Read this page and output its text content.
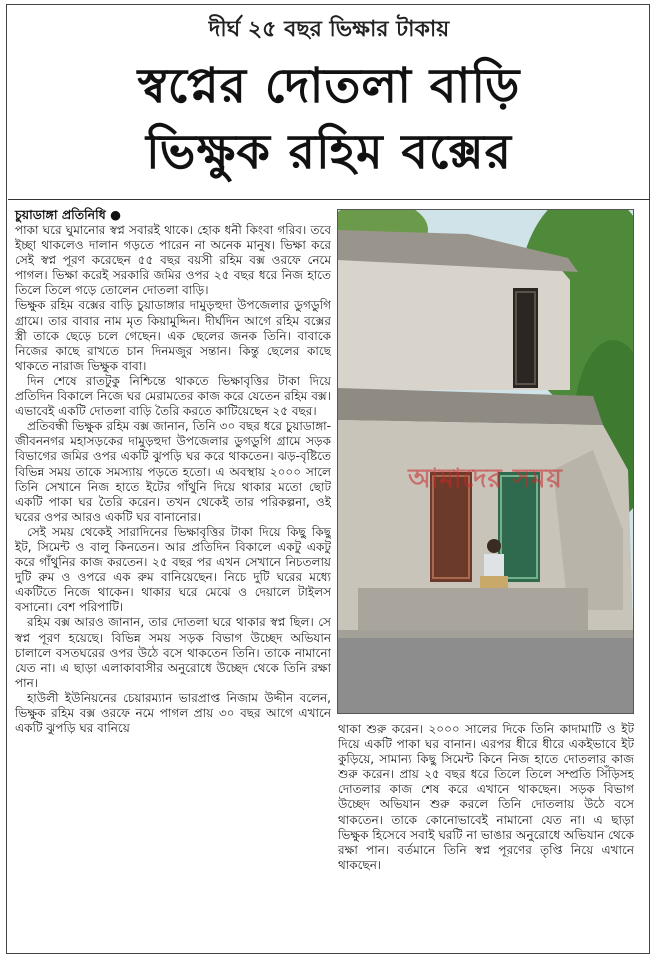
দীর্ঘ ২৫ বছর ভিক্ষার টাকায়
স্বপ্নের দোতলা বাড়ি
ভিক্ষুক রহিম বক্সের
চুয়াডাঙ্গা প্রতিনিধি ●

পাকা ঘরে ঘুমানোর স্বপ্ন সবারই থাকে। হোক ধনী কিংবা গরিব। তবে ইচ্ছা থাকলেও দালান গড়তে পারেন না অনেক মানুষ। ভিক্ষা করে সেই স্বপ্ন পূরণ করেছেন ৫৫ বছর বয়সী রহিম বক্স ওরফে নেমে পাগল। ভিক্ষা করেই সরকারি জমির ওপর ২৫ বছর ধরে নিজ হাতে তিলে তিলে গড়ে তোলেন দোতলা বাড়ি।

ভিক্ষুক রহিম বক্সের বাড়ি চুয়াডাঙ্গার দামুড়হুদা উপজেলার ডুগডুগি গ্রামে। তার বাবার নাম মৃত কিয়ামুদ্দিন। দীর্ঘদিন আগে রহিম বক্সের স্ত্রী তাকে ছেড়ে চলে গেছেন। এক ছেলের জনক তিনি। বাবাকে নিজের কাছে রাখতে চান দিনমজুর সন্তান। কিন্তু ছেলের কাছে থাকতে নারাজ ভিক্ষুক বাবা।

দিন শেষে রাতটুকু নিশ্চিন্তে থাকতে ভিক্ষাবৃত্তির টাকা দিয়ে প্রতিদিন বিকালে নিজে ঘর মেরামতের কাজ করে যেতেন রহিম বক্স। এভাবেই একটি দোতলা বাড়ি তৈরি করতে কাটিয়েছেন ২৫ বছর।

প্রতিবন্ধী ভিক্ষুক রহিম বক্স জানান, তিনি ৩০ বছর ধরে চুয়াডাঙ্গা-জীবননগর মহাসড়কের দামুড়হুদা উপজেলার ডুগডুগি গ্রামে সড়ক বিভাগের জমির ওপর একটি ঝুপড়ি ঘর করে থাকতেন। ঝড়-বৃষ্টিতে বিভিন্ন সময় তাকে সমস্যায় পড়তে হতো। এ অবস্থায় ২০০০ সালে তিনি সেখানে নিজ হাতে ইটের গাঁথুনি দিয়ে থাকার মতো ছোট একটি পাকা ঘর তৈরি করেন। তখন থেকেই তার পরিকল্পনা, ওই ঘরের ওপর আরও একটি ঘর বানানোর।

সেই সময় থেকেই সারাদিনের ভিক্ষাবৃত্তির টাকা দিয়ে কিছু কিছু ইট, সিমেন্ট ও বালু কিনতেন। আর প্রতিদিন বিকালে একটু একটু করে গাঁথুনির কাজ করতেন। ২৫ বছর পর এখন সেখানে নিচতলায় দুটি রুম ও ওপরে এক রুম বানিয়েছেন। নিচে দুটি ঘরের মধ্যে একটিতে নিজে থাকেন। থাকার ঘরে মেঝে ও দেয়ালে টাইলস বসানো। বেশ পরিপাটি।

রহিম বক্স আরও জানান, তার দোতলা ঘরে থাকার স্বপ্ন ছিল। সে স্বপ্ন পূরণ হয়েছে। বিভিন্ন সময় সড়ক বিভাগ উচ্ছেদ অভিযান চালালে বসতঘরের ওপর উঠে বসে থাকতেন তিনি। তাকে নামানো যেত না। এ ছাড়া এলাকাবাসীর অনুরোধে উচ্ছেদ থেকে তিনি রক্ষা পান।

হাউলী ইউনিয়নের চেয়ারম্যান ভারপ্রাপ্ত নিজাম উদ্দীন বলেন, ভিক্ষুক রহিম বক্স ওরফে নমে পাগল প্রায় ৩০ বছর আগে এখানে একটি ঝুপড়ি ঘর বানিয়ে

আমাদের সময়

থাকা শুরু করেন। ২০০০ সালের দিকে তিনি কাদামাটি ও ইট দিয়ে একটি পাকা ঘর বানান। এরপর ধীরে ধীরে একইভাবে ইট কুড়িয়ে, সামান্য কিছু সিমেন্ট কিনে নিজ হাতে দোতলার কাজ শুরু করেন। প্রায় ২৫ বছর ধরে তিলে তিলে সম্প্রতি সিঁড়িসহ দোতলার কাজ শেষ করে এখানে থাকছেন। সড়ক বিভাগ উচ্ছেদ অভিযান শুরু করলে তিনি দোতলায় উঠে বসে থাকতেন। তাকে কোনোভাবেই নামানো যেত না। এ ছাড়া ভিক্ষুক হিসেবে সবাই ঘরটি না ভাঙার অনুরোধে অভিযান থেকে রক্ষা পান। বর্তমানে তিনি স্বপ্ন পূরণের তৃপ্তি নিয়ে এখানে থাকছেন।
